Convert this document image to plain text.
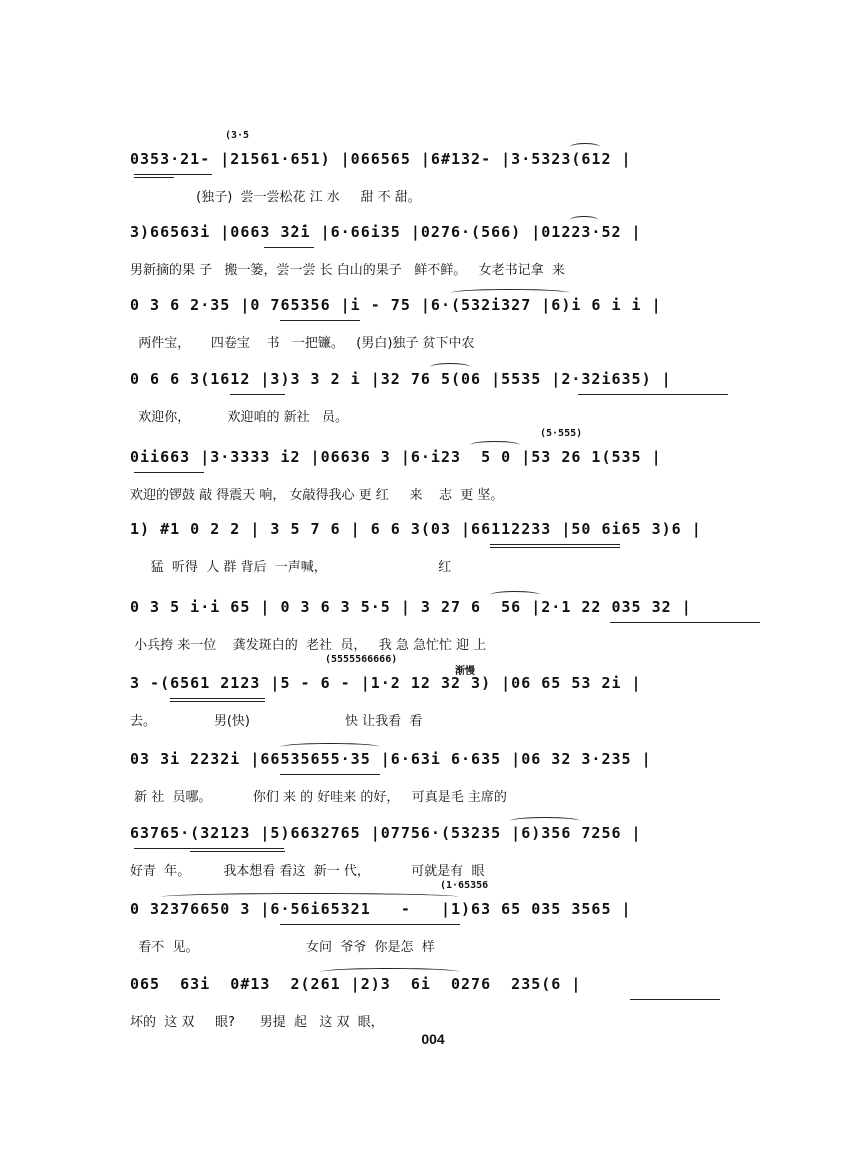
(3·5
0353·21- |21561·651) |066565 |6#132- |3·5323(612 |
(独子)  尝一尝松花 江 水     甜 不 甜。
3)66563i |0663 3̇2̇i |6·66i35 |0276·(566) |01223·52 |
男新摘的果 子   搬一篓，尝一尝 长 白山的果子   鲜不鲜。   女老书记拿  来
0 3 6 2·35 |0 765356 |i - 75 |6·(532i327 |6)i 6 i i |
两件宝，     四卷宝    书   一把镰。   (男白)独子 贫下中农
0 6 6 3(1612 |3)3 3 2 i |32 76 5(06 |5535 |2·32i635) |
欢迎你，         欢迎咱的 新社   员。
(5·555)
0ii663 |3·3333 i2 |06636 3 |6·i23  5 0 |53 26 1(535 |
欢迎的锣鼓 敲 得震天 响， 女敲得我心 更 红     来    志  更 坚。
1) #1 0 2 2 | 3 5 7 6 | 6 6 3(03 |66112233 |50 6i65 3)6 |
猛  听得  人 群 背后  一声喊，                           红
0 3 5 i·i 65 | 0 3 6 3 5·5 | 3 27 6  56 |2·1 22 035 32 |
小兵挎 来一位    龚发斑白的  老社  员，   我 急 急忙忙 迎 上
(5555566666)
渐慢
3 -(6561 2123 |5 - 6 - |1·2 12 32 3) |06 65 53 2i |
去。              男(快)                       快 让我看  看
03 3i 2232i |66535655·35 |6·63i 6·635 |06 32 3·235 |
新 社  员哪。          你们 来 的 好哇来 的好，   可真是毛 主席的
63765·(32123 |5)6632765 |07756·(53235 |6)356 7256 |
好青  年。        我本想看 看这  新一 代，          可就是有  眼
(1·65356
0 32376650 3 |6·56i65321   -   |1)63 65 035 3565 |
看不  见。                          女问  爷爷  你是怎  样
065  63i  0#13  2(261 |2)3  6i  0276  235(6 |
坏的  这 双     眼?      男提  起   这 双  眼，
004
